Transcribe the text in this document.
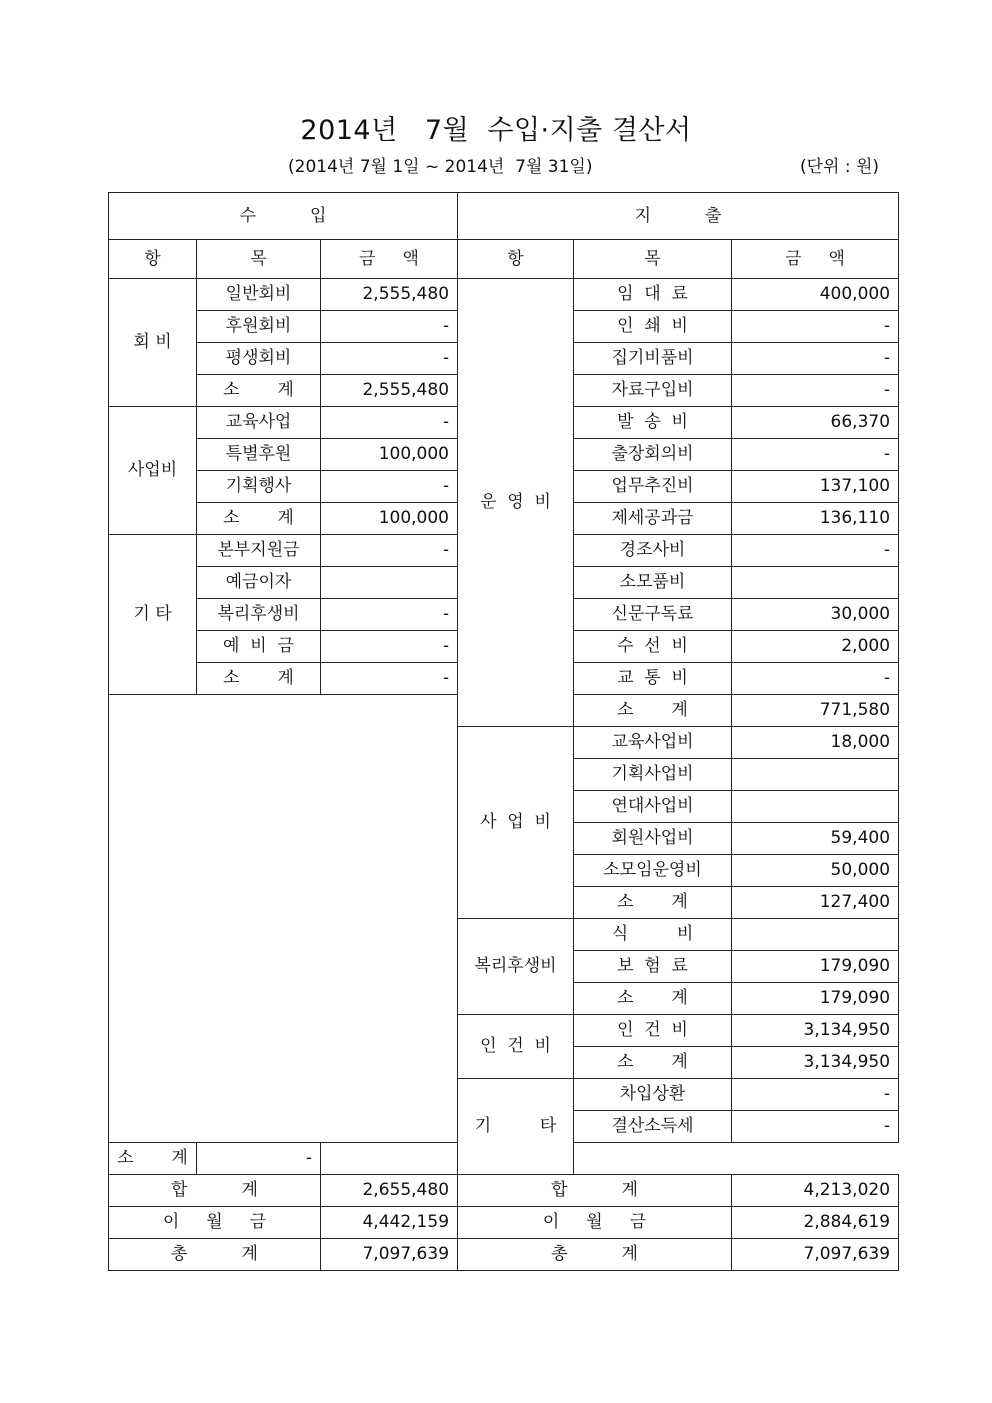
2014년   7월  수입·지출 결산서
(2014년 7월 1일 ~ 2014년  7월 31일)	(단위 : 원)
수          입			지          출		
항	목	금     액	항	목	금     액
회 비	일반회비	2,555,480	운  영  비	임  대  료	400,000
	후원회비	-		인  쇄  비	-
	평생회비	-		집기비품비	-
	소       계	2,555,480		자료구입비	-
사업비	교육사업	-		발  송  비	66,370
	특별후원	100,000		출장회의비	-
	기획행사	-		업무추진비	137,100
	소       계	100,000		제세공과금	136,110
기 타	본부지원금	-		경조사비	-
	예금이자			소모품비	
	복리후생비	-		신문구독료	30,000
	예  비  금	-		수  선  비	2,000
	소       계	-		교  통  비	-
				소       계	771,580
			사  업  비	교육사업비	18,000
				기획사업비	
				연대사업비	
				회원사업비	59,400
				소모임운영비	50,000
				소       계	127,400
			복리후생비	식         비	
				보  험  료	179,090
				소       계	179,090
			인  건  비	인  건  비	3,134,950
				소       계	3,134,950
			기         타	차입상환	-
				결산소득세	-
소       계	-				
합          계		2,655,480	합          계		4,213,020
이     월     금		4,442,159	이     월     금		2,884,619
총          계		7,097,639	총          계		7,097,639
